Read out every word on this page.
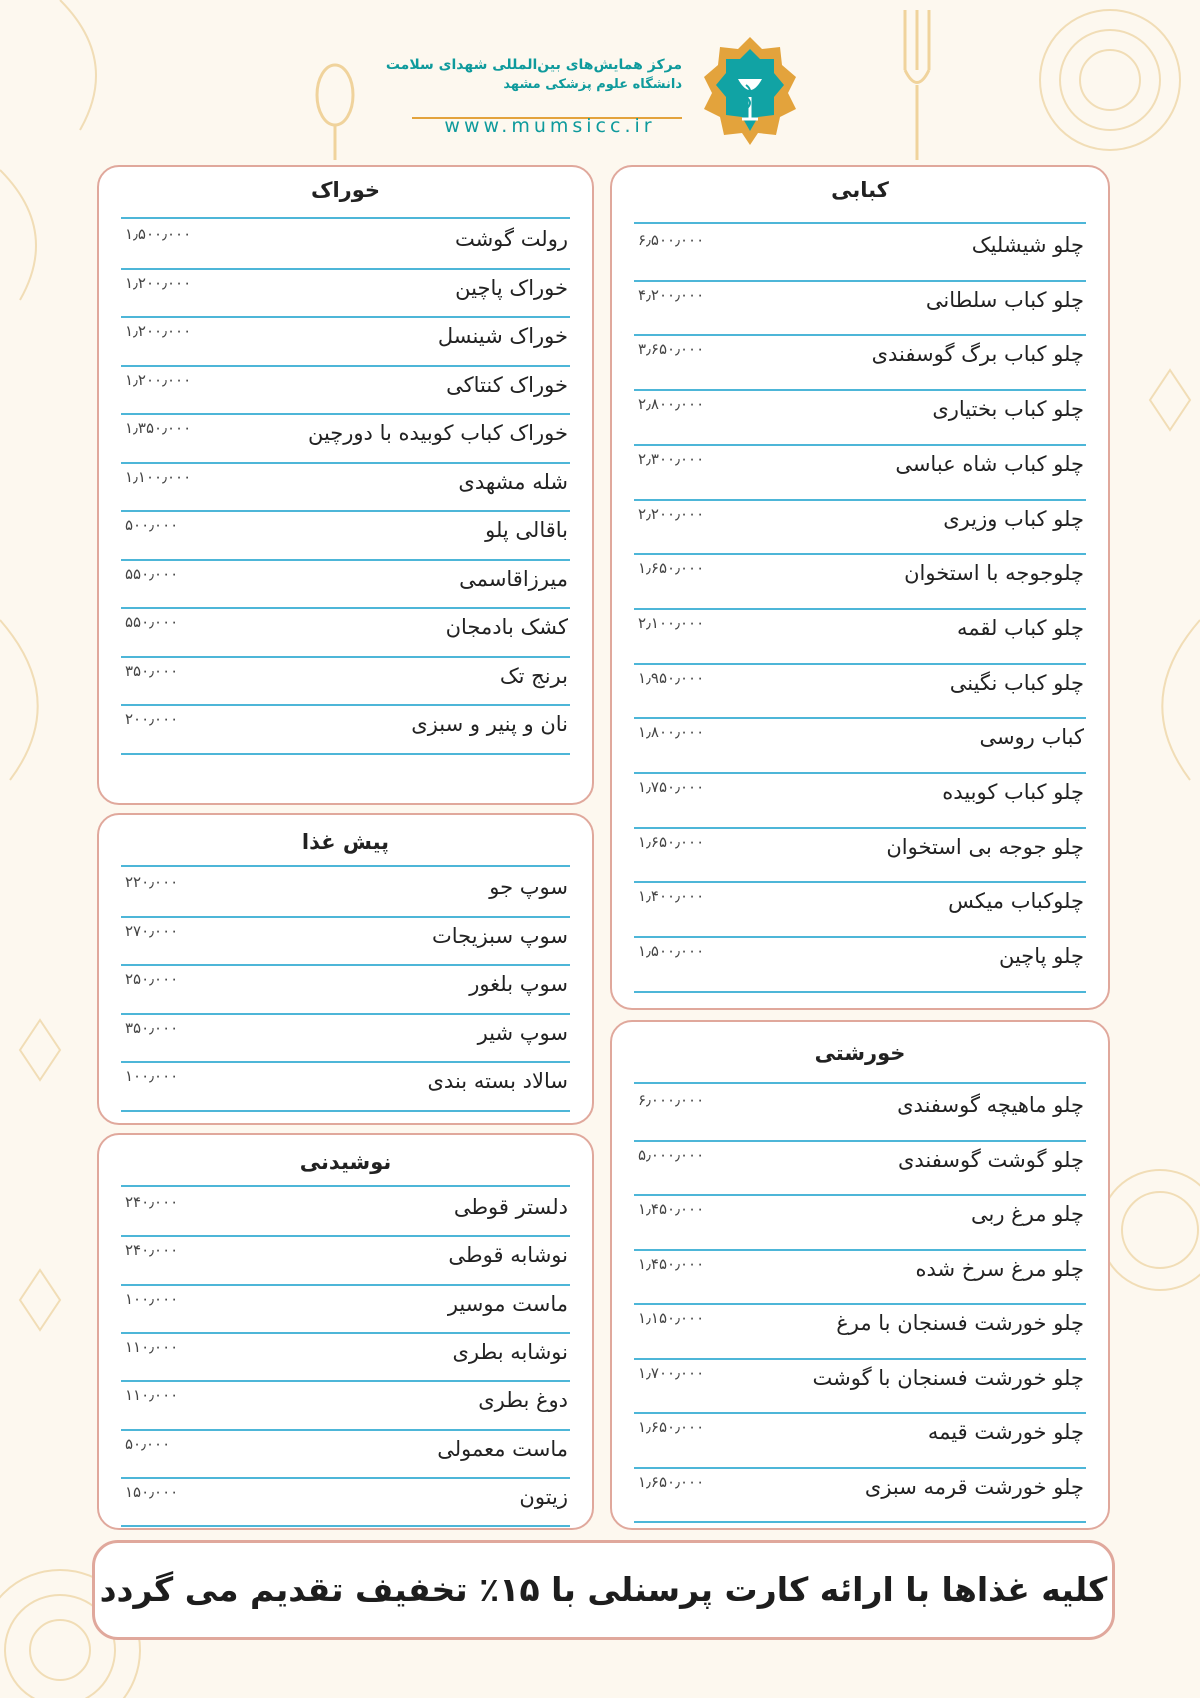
مرکز همایش‌های بین‌المللی شهدای سلامت
دانشگاه علوم پزشکی مشهد
www.mumsicc.ir
کبابی
چلو شیشلیک
۶٫۵۰۰٫۰۰۰
چلو کباب سلطانی
۴٫۲۰۰٫۰۰۰
چلو کباب برگ گوسفندی
۳٫۶۵۰٫۰۰۰
چلو کباب بختیاری
۲٫۸۰۰٫۰۰۰
چلو کباب شاه عباسی
۲٫۳۰۰٫۰۰۰
چلو کباب وزیری
۲٫۲۰۰٫۰۰۰
چلوجوجه با استخوان
۱٫۶۵۰٫۰۰۰
چلو کباب لقمه
۲٫۱۰۰٫۰۰۰
چلو کباب نگینی
۱٫۹۵۰٫۰۰۰
کباب روسی
۱٫۸۰۰٫۰۰۰
چلو کباب کوبیده
۱٫۷۵۰٫۰۰۰
چلو جوجه بی استخوان
۱٫۶۵۰٫۰۰۰
چلوکباب میکس
۱٫۴۰۰٫۰۰۰
چلو پاچین
۱٫۵۰۰٫۰۰۰
خورشتی
چلو ماهیچه گوسفندی
۶٫۰۰۰٫۰۰۰
چلو گوشت گوسفندی
۵٫۰۰۰٫۰۰۰
چلو مرغ ربی
۱٫۴۵۰٫۰۰۰
چلو مرغ سرخ شده
۱٫۴۵۰٫۰۰۰
چلو خورشت فسنجان با مرغ
۱٫۱۵۰٫۰۰۰
چلو خورشت فسنجان با گوشت
۱٫۷۰۰٫۰۰۰
چلو خورشت قیمه
۱٫۶۵۰٫۰۰۰
چلو خورشت قرمه سبزی
۱٫۶۵۰٫۰۰۰
خوراک
رولت گوشت
۱٫۵۰۰٫۰۰۰
خوراک پاچین
۱٫۲۰۰٫۰۰۰
خوراک شینسل
۱٫۲۰۰٫۰۰۰
خوراک کنتاکی
۱٫۲۰۰٫۰۰۰
خوراک کباب کوبیده با دورچین
۱٫۳۵۰٫۰۰۰
شله مشهدی
۱٫۱۰۰٫۰۰۰
باقالی پلو
۵۰۰٫۰۰۰
میرزاقاسمی
۵۵۰٫۰۰۰
کشک بادمجان
۵۵۰٫۰۰۰
برنج تک
۳۵۰٫۰۰۰
نان و پنیر و سبزی
۲۰۰٫۰۰۰
پیش غذا
سوپ جو
۲۲۰٫۰۰۰
سوپ سبزیجات
۲۷۰٫۰۰۰
سوپ بلغور
۲۵۰٫۰۰۰
سوپ شیر
۳۵۰٫۰۰۰
سالاد بسته بندی
۱۰۰٫۰۰۰
نوشیدنی
دلستر قوطی
۲۴۰٫۰۰۰
نوشابه قوطی
۲۴۰٫۰۰۰
ماست موسیر
۱۰۰٫۰۰۰
نوشابه بطری
۱۱۰٫۰۰۰
دوغ بطری
۱۱۰٫۰۰۰
ماست معمولی
۵۰٫۰۰۰
زیتون
۱۵۰٫۰۰۰
کلیه غذاها با ارائه کارت پرسنلی با ۱۵٪ تخفیف تقدیم می گردد
